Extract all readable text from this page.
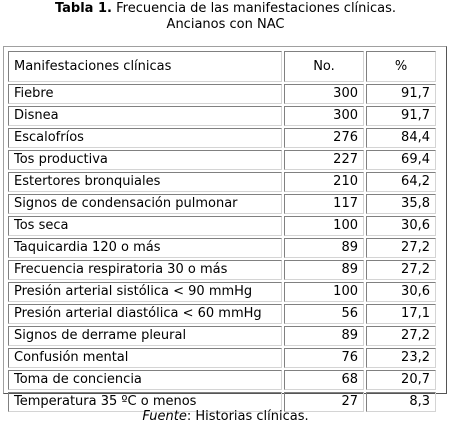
Tabla 1. Frecuencia de las manifestaciones clínicas.
Ancianos con NAC
Manifestaciones clínicas	No.	%
Fiebre	300	91,7
Disnea	300	91,7
Escalofríos	276	84,4
Tos productiva	227	69,4
Estertores bronquiales	210	64,2
Signos de condensación pulmonar	117	35,8
Tos seca	100	30,6
Taquicardia 120 o más	89	27,2
Frecuencia respiratoria 30 o más	89	27,2
Presión arterial sistólica < 90 mmHg	100	30,6
Presión arterial diastólica < 60 mmHg	56	17,1
Signos de derrame pleural	89	27,2
Confusión mental	76	23,2
Toma de conciencia	68	20,7
Temperatura 35 ºC o menos	27	8,3
Fuente: Historias clínicas.
